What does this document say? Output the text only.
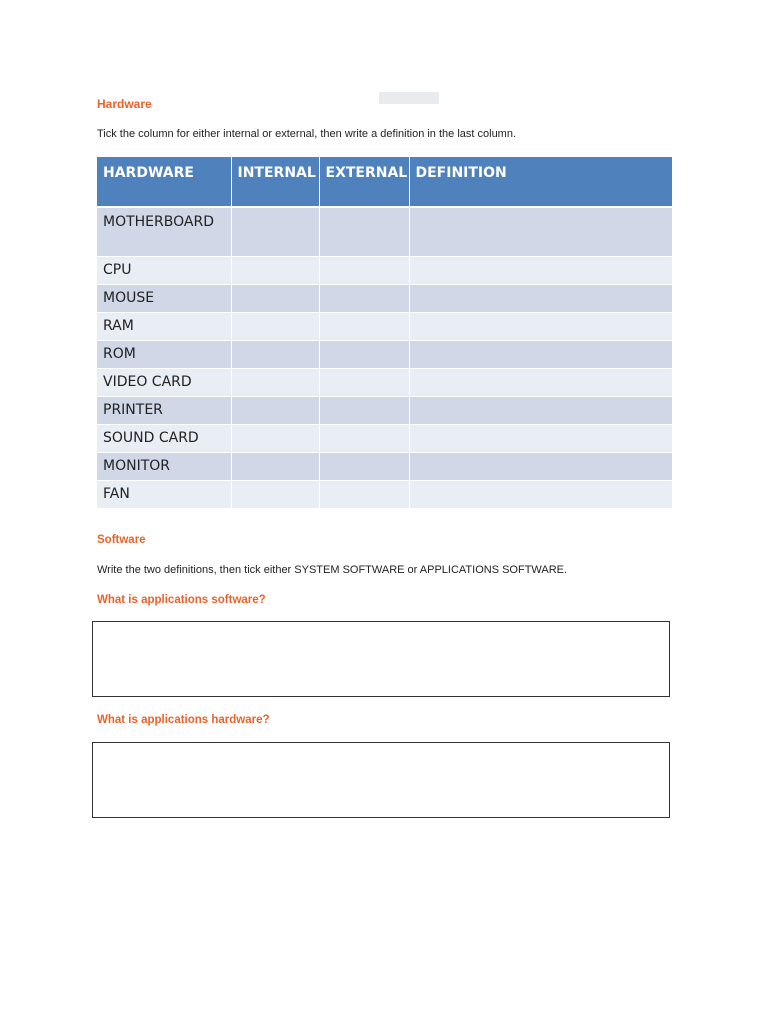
Hardware
Tick the column for either internal or external, then write a definition in the last column.
HARDWARE	INTERNAL	EXTERNAL	DEFINITION
MOTHERBOARD			
CPU			
MOUSE			
RAM			
ROM			
VIDEO CARD			
PRINTER			
SOUND CARD			
MONITOR			
FAN			
Software
Write the two definitions, then tick either SYSTEM SOFTWARE or APPLICATIONS SOFTWARE.
What is applications software?
What is applications hardware?
